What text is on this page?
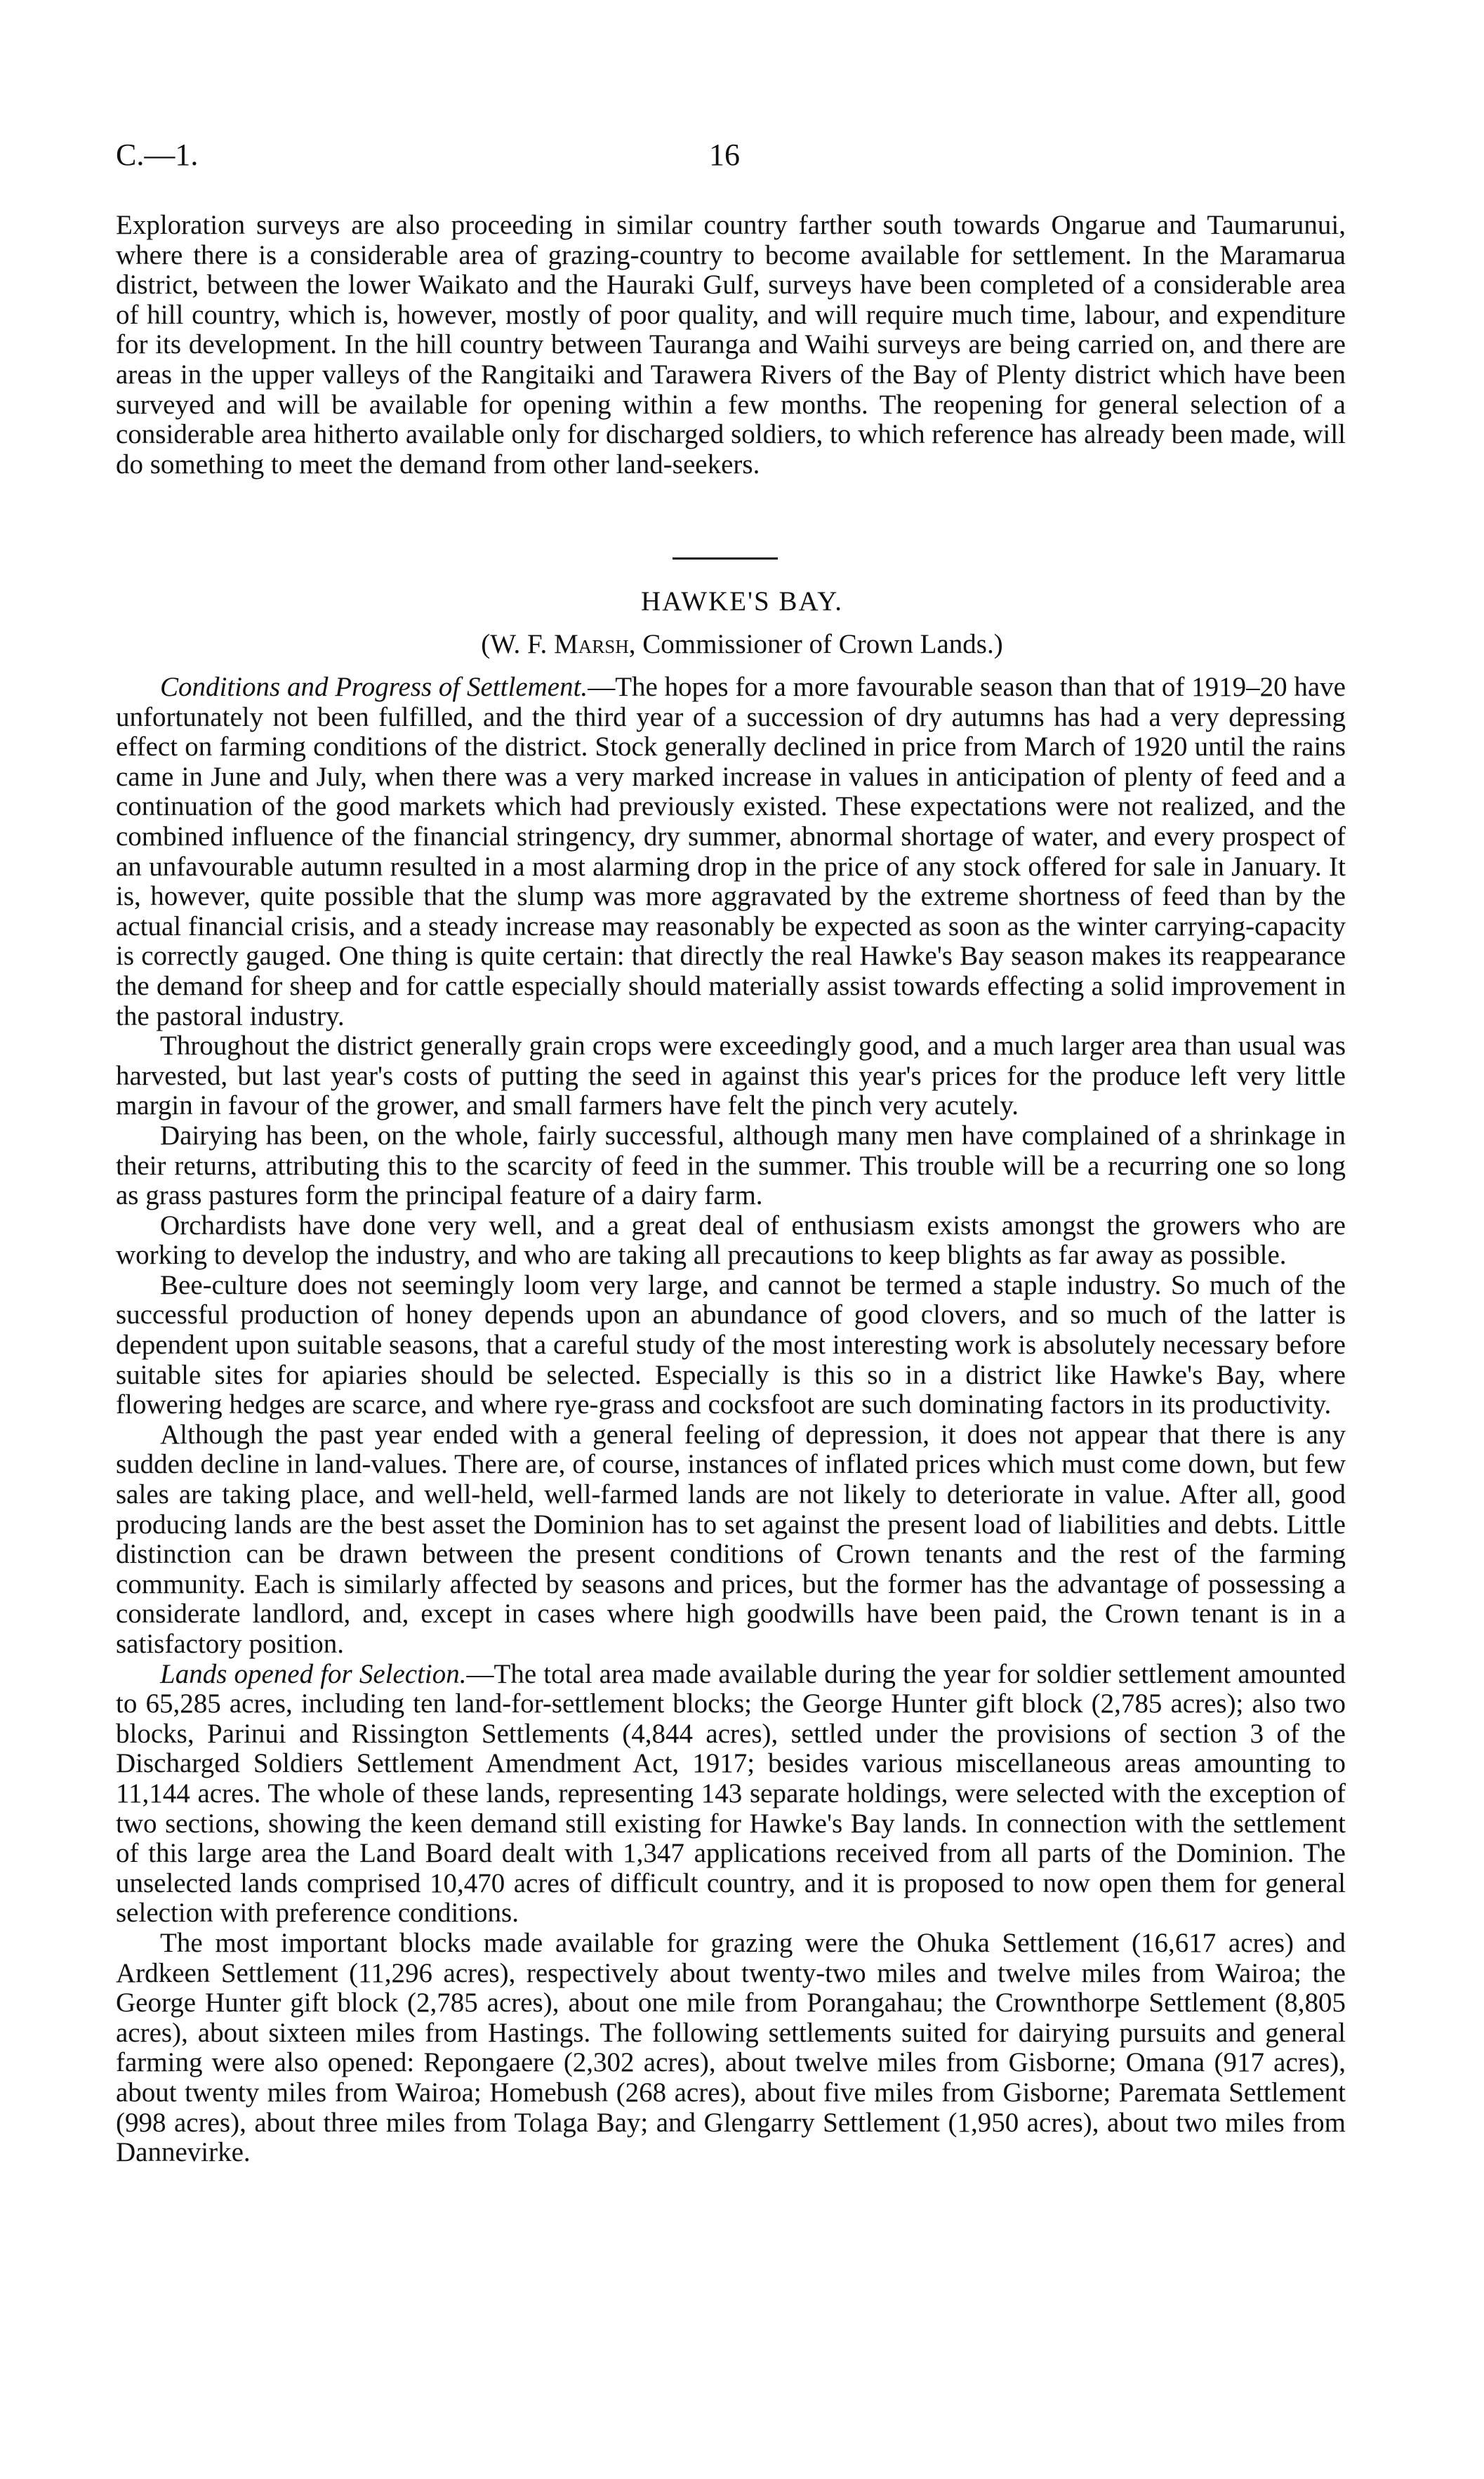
C.—1.	16

Exploration surveys are also proceeding in similar country farther south towards Ongarue and Taumarunui, where there is a considerable area of grazing-country to become available for settlement. In the Maramarua district, between the lower Waikato and the Hauraki Gulf, surveys have been completed of a considerable area of hill country, which is, however, mostly of poor quality, and will require much time, labour, and expenditure for its development. In the hill country between Tauranga and Waihi surveys are being carried on, and there are areas in the upper valleys of the Rangitaiki and Tarawera Rivers of the Bay of Plenty district which have been surveyed and will be available for opening within a few months. The reopening for general selection of a considerable area hitherto available only for discharged soldiers, to which reference has already been made, will do something to meet the demand from other land-seekers.

HAWKE'S BAY.
(W. F. Marsh, Commissioner of Crown Lands.)

Conditions and Progress of Settlement.—The hopes for a more favourable season than that of 1919–20 have unfortunately not been fulfilled, and the third year of a succession of dry autumns has had a very depressing effect on farming conditions of the district. Stock generally declined in price from March of 1920 until the rains came in June and July, when there was a very marked increase in values in anticipation of plenty of feed and a continuation of the good markets which had previously existed. These expectations were not realized, and the combined influence of the financial stringency, dry summer, abnormal shortage of water, and every prospect of an unfavourable autumn resulted in a most alarming drop in the price of any stock offered for sale in January. It is, however, quite possible that the slump was more aggravated by the extreme shortness of feed than by the actual financial crisis, and a steady increase may reasonably be expected as soon as the winter carrying-capacity is correctly gauged. One thing is quite certain: that directly the real Hawke's Bay season makes its reappearance the demand for sheep and for cattle especially should materially assist towards effecting a solid improvement in the pastoral industry.

Throughout the district generally grain crops were exceedingly good, and a much larger area than usual was harvested, but last year's costs of putting the seed in against this year's prices for the produce left very little margin in favour of the grower, and small farmers have felt the pinch very acutely.

Dairying has been, on the whole, fairly successful, although many men have complained of a shrinkage in their returns, attributing this to the scarcity of feed in the summer. This trouble will be a recurring one so long as grass pastures form the principal feature of a dairy farm.

Orchardists have done very well, and a great deal of enthusiasm exists amongst the growers who are working to develop the industry, and who are taking all precautions to keep blights as far away as possible.

Bee-culture does not seemingly loom very large, and cannot be termed a staple industry. So much of the successful production of honey depends upon an abundance of good clovers, and so much of the latter is dependent upon suitable seasons, that a careful study of the most interesting work is absolutely necessary before suitable sites for apiaries should be selected. Especially is this so in a district like Hawke's Bay, where flowering hedges are scarce, and where rye-grass and cocksfoot are such dominating factors in its productivity.

Although the past year ended with a general feeling of depression, it does not appear that there is any sudden decline in land-values. There are, of course, instances of inflated prices which must come down, but few sales are taking place, and well-held, well-farmed lands are not likely to deteriorate in value. After all, good producing lands are the best asset the Dominion has to set against the present load of liabilities and debts. Little distinction can be drawn between the present conditions of Crown tenants and the rest of the farming community. Each is similarly affected by seasons and prices, but the former has the advantage of possessing a considerate landlord, and, except in cases where high goodwills have been paid, the Crown tenant is in a satisfactory position.

Lands opened for Selection.—The total area made available during the year for soldier settlement amounted to 65,285 acres, including ten land-for-settlement blocks; the George Hunter gift block (2,785 acres); also two blocks, Parinui and Rissington Settlements (4,844 acres), settled under the provisions of section 3 of the Discharged Soldiers Settlement Amendment Act, 1917; besides various miscellaneous areas amounting to 11,144 acres. The whole of these lands, representing 143 separate holdings, were selected with the exception of two sections, showing the keen demand still existing for Hawke's Bay lands. In connection with the settlement of this large area the Land Board dealt with 1,347 applications received from all parts of the Dominion. The unselected lands comprised 10,470 acres of difficult country, and it is proposed to now open them for general selection with preference conditions.

The most important blocks made available for grazing were the Ohuka Settlement (16,617 acres) and Ardkeen Settlement (11,296 acres), respectively about twenty-two miles and twelve miles from Wairoa; the George Hunter gift block (2,785 acres), about one mile from Porangahau; the Crownthorpe Settlement (8,805 acres), about sixteen miles from Hastings. The following settlements suited for dairying pursuits and general farming were also opened: Repongaere (2,302 acres), about twelve miles from Gisborne; Omana (917 acres), about twenty miles from Wairoa; Homebush (268 acres), about five miles from Gisborne; Paremata Settlement (998 acres), about three miles from Tolaga Bay; and Glengarry Settlement (1,950 acres), about two miles from Dannevirke.
